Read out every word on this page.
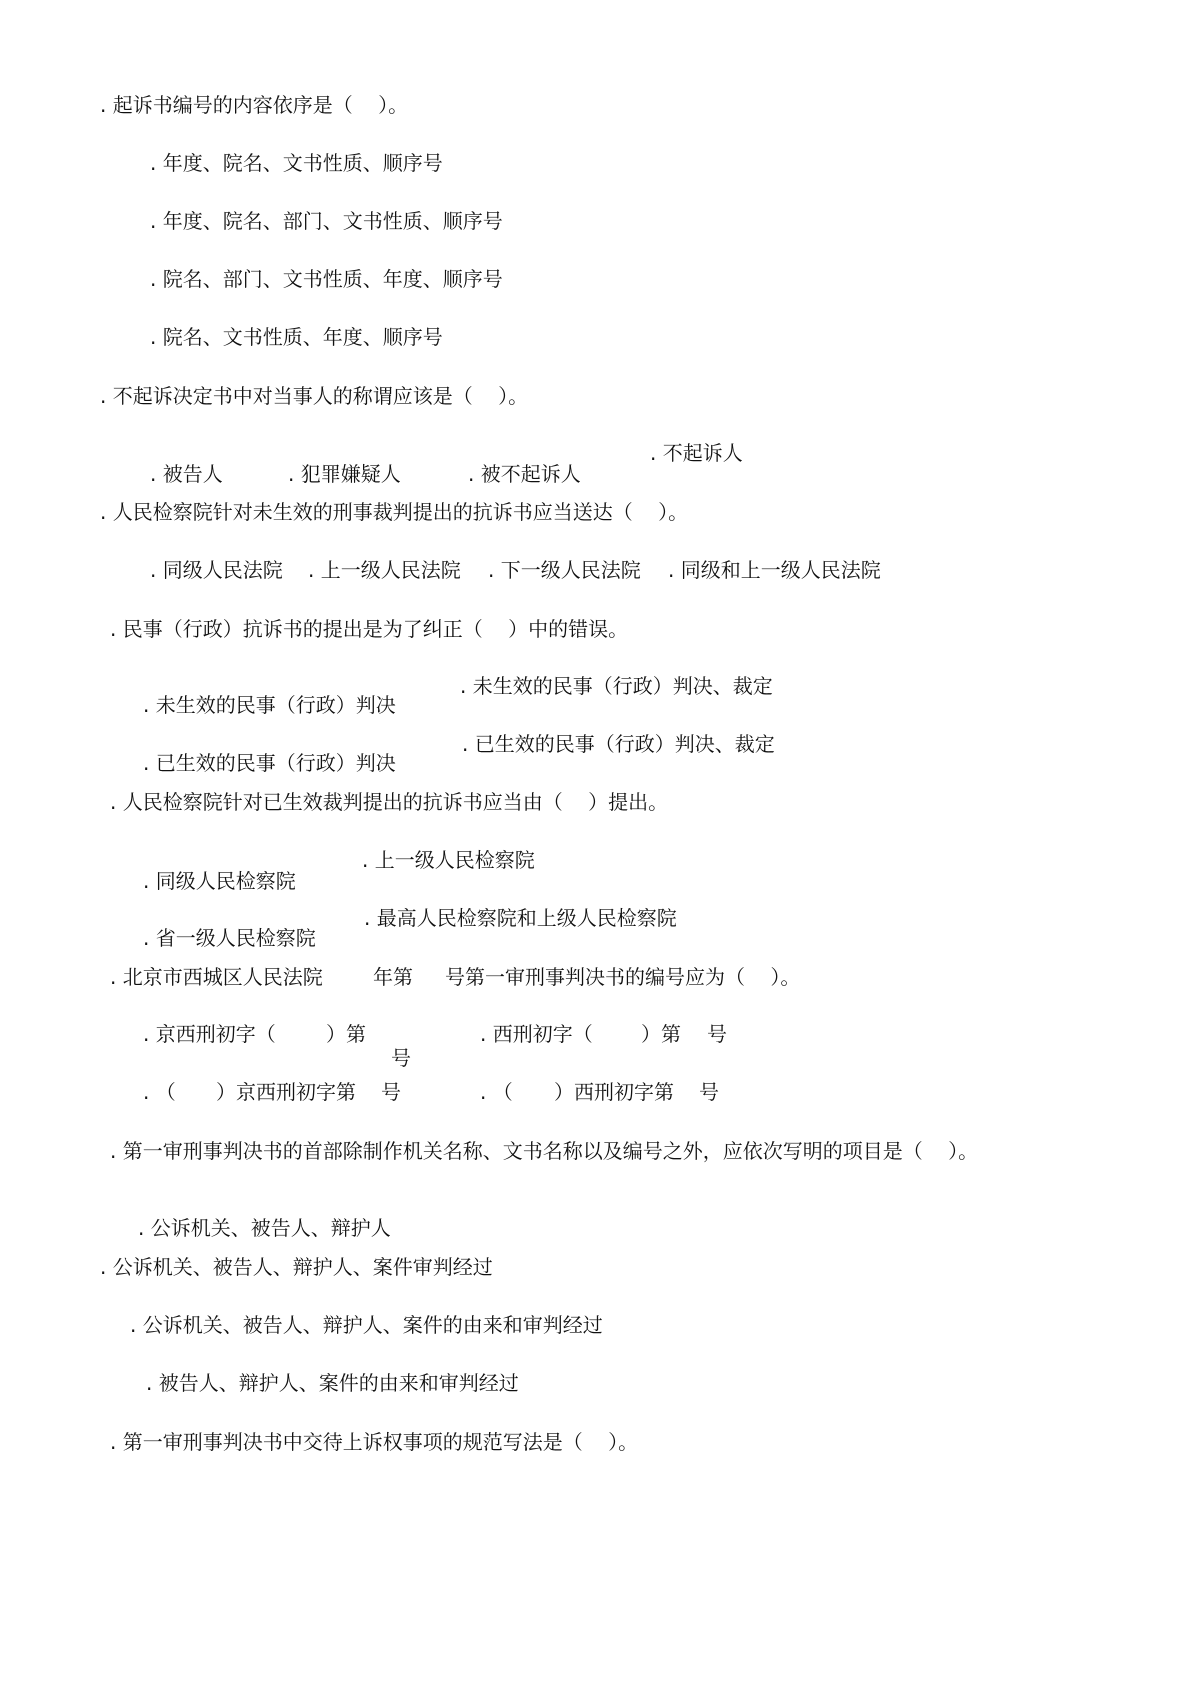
. 起诉书编号的内容依序是（    ）。
. 年度、院名、文书性质、顺序号
. 年度、院名、部门、文书性质、顺序号
. 院名、部门、文书性质、年度、顺序号
. 院名、文书性质、年度、顺序号
. 不起诉决定书中对当事人的称谓应该是（    ）。
. 被告人	. 犯罪嫌疑人	. 被不起诉人
. 不起诉人
. 人民检察院针对未生效的刑事裁判提出的抗诉书应当送达（    ）。
. 同级人民法院 . 上一级人民法院 . 下一级人民法院 . 同级和上一级人民法院
. 民事（行政）抗诉书的提出是为了纠正（    ）中的错误。
. 未生效的民事（行政）判决
. 未生效的民事（行政）判决、裁定
. 已生效的民事（行政）判决
. 已生效的民事（行政）判决、裁定
. 人民检察院针对已生效裁判提出的抗诉书应当由（    ）提出。
. 同级人民检察院
. 上一级人民检察院
. 省一级人民检察院
. 最高人民检察院和上级人民检察院
. 北京市西城区人民法院	年第 号第一审刑事判决书的编号应为（    ）。
. 京西刑初字（	）第
号
. 西刑初字（ ）第 号
. （ ）京西刑初字第 号	. （ ）西刑初字第 号
. 第一审刑事判决书的首部除制作机关名称、文书名称以及编号之外，应依次写明的项目是（    ）。
. 公诉机关、被告人、辩护人
. 公诉机关、被告人、辩护人、案件审判经过
. 公诉机关、被告人、辩护人、案件的由来和审判经过
. 被告人、辩护人、案件的由来和审判经过
. 第一审刑事判决书中交待上诉权事项的规范写法是（    ）。
